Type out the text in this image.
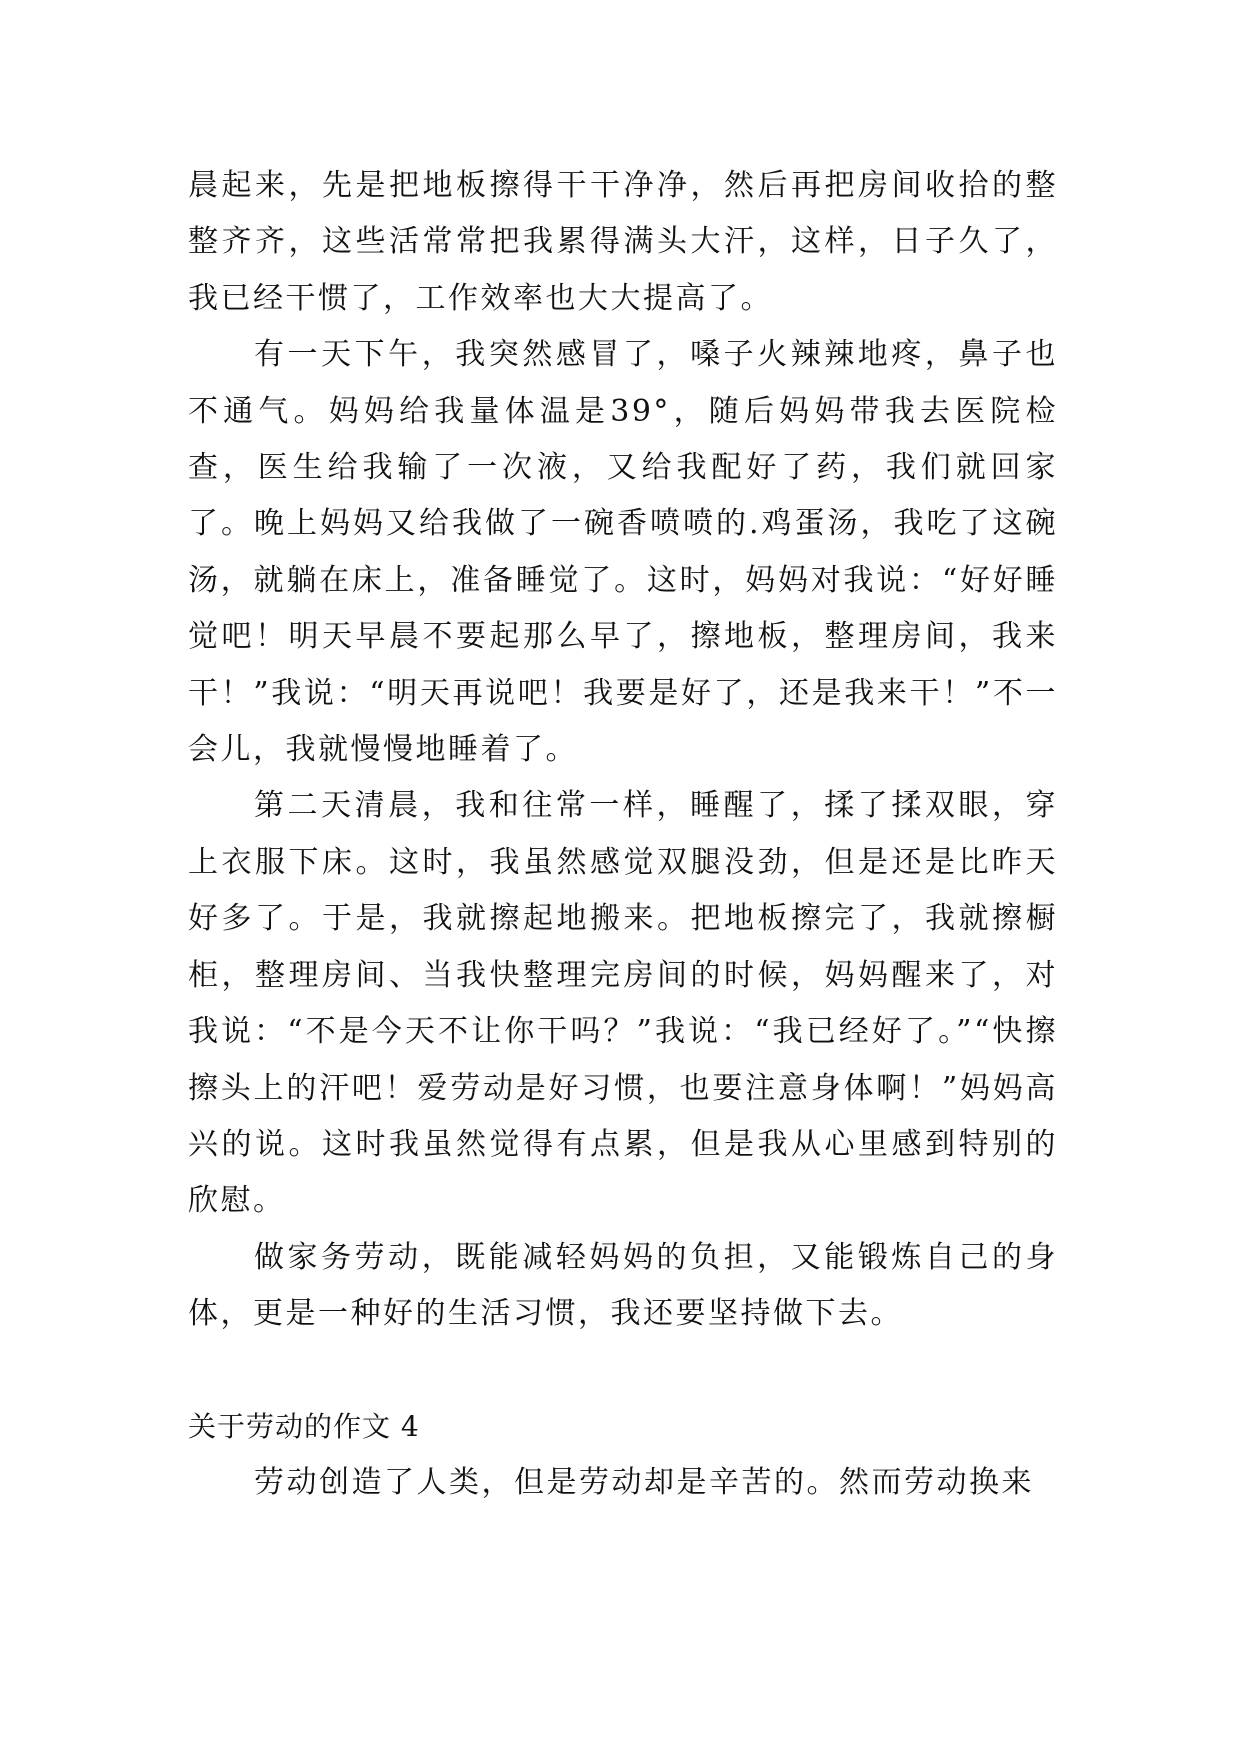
晨起来，先是把地板擦得干干净净，然后再把房间收拾的整整齐齐，这些活常常把我累得满头大汗，这样，日子久了，我已经干惯了，工作效率也大大提高了。

有一天下午，我突然感冒了，嗓子火辣辣地疼，鼻子也不通气。妈妈给我量体温是39°，随后妈妈带我去医院检查，医生给我输了一次液，又给我配好了药，我们就回家了。晚上妈妈又给我做了一碗香喷喷的.鸡蛋汤，我吃了这碗汤，就躺在床上，准备睡觉了。这时，妈妈对我说：“好好睡觉吧！明天早晨不要起那么早了，擦地板，整理房间，我来干！”我说：“明天再说吧！我要是好了，还是我来干！”不一会儿，我就慢慢地睡着了。

第二天清晨，我和往常一样，睡醒了，揉了揉双眼，穿上衣服下床。这时，我虽然感觉双腿没劲，但是还是比昨天好多了。于是，我就擦起地搬来。把地板擦完了，我就擦橱柜，整理房间、当我快整理完房间的时候，妈妈醒来了，对我说：“不是今天不让你干吗？”我说：“我已经好了。”“快擦擦头上的汗吧！爱劳动是好习惯，也要注意身体啊！”妈妈高兴的说。这时我虽然觉得有点累，但是我从心里感到特别的欣慰。

做家务劳动，既能减轻妈妈的负担，又能锻炼自己的身体，更是一种好的生活习惯，我还要坚持做下去。

关于劳动的作文 4

劳动创造了人类，但是劳动却是辛苦的。然而劳动换来
